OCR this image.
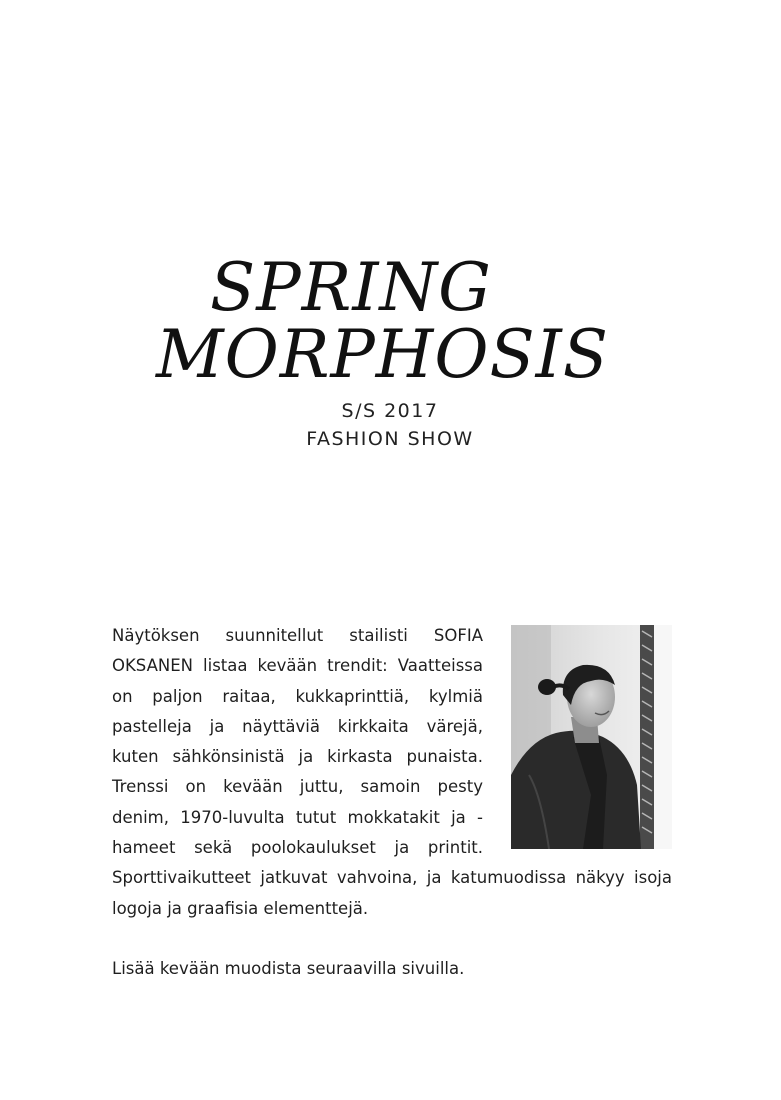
SPRING
MORPHOSIS
S/S 2017
FASHION SHOW

Näytöksen suunnitellut stailisti SOFIA OKSANEN listaa kevään trendit: Vaatteissa on paljon raitaa, kukkaprinttiä, kylmiä pastelleja ja näyttäviä kirkkaita värejä, kuten sähkönsinistä ja kirkasta punaista. Trenssi on kevään juttu, samoin pesty denim, 1970-luvulta tutut mokkatakit ja -hameet sekä poolokaulukset ja printit. Sporttivaikutteet jatkuvat vahvoina, ja katumuodissa näkyy isoja logoja ja graafisia elementtejä.

Lisää kevään muodista seuraavilla sivuilla.
